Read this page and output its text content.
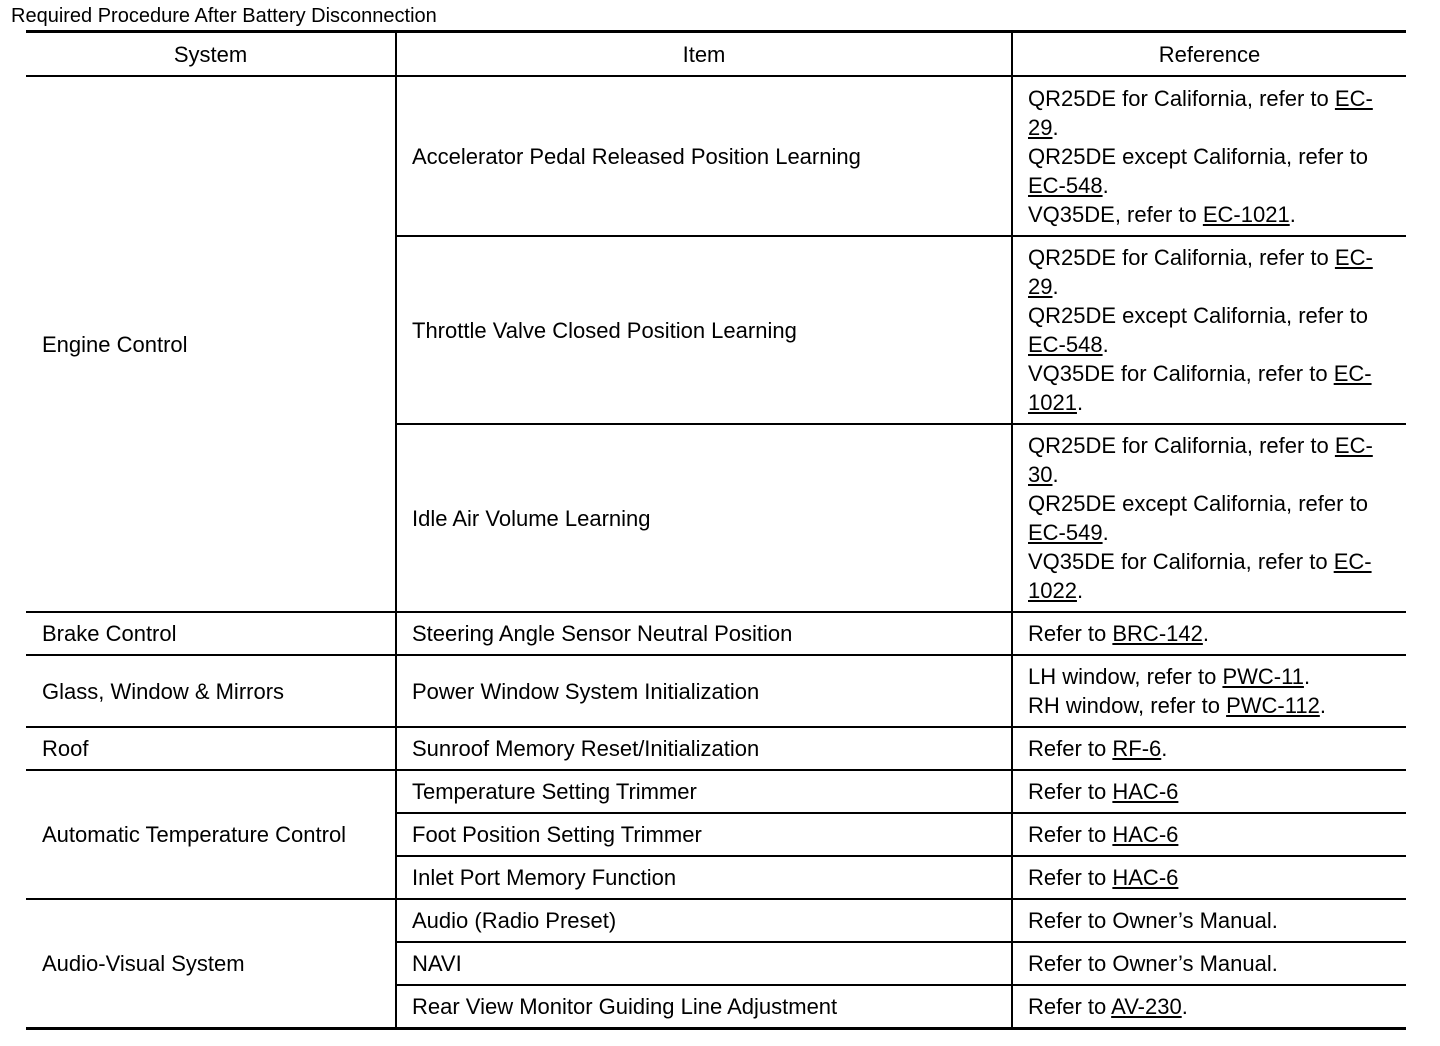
Required Procedure After Battery Disconnection
System	Item	Reference
Engine Control	Accelerator Pedal Released Position Learning	QR25DE for California, refer to EC-29.
QR25DE except California, refer to EC-548.
VQ35DE, refer to EC-1021.

	Throttle Valve Closed Position Learning	QR25DE for California, refer to EC-29.
QR25DE except California, refer to EC-548.
VQ35DE for California, refer to EC-1021.

	Idle Air Volume Learning	QR25DE for California, refer to EC-30.
QR25DE except California, refer to EC-549.
VQ35DE for California, refer to EC-1022.

Brake Control	Steering Angle Sensor Neutral Position	Refer to BRC-142.

Glass, Window & Mirrors	Power Window System Initialization	LH window, refer to PWC-11.
RH window, refer to PWC-112.

Roof	Sunroof Memory Reset/Initialization	Refer to RF-6.

Automatic Temperature Control	Temperature Setting Trimmer	Refer to HAC-6

	Foot Position Setting Trimmer	Refer to HAC-6

	Inlet Port Memory Function	Refer to HAC-6

Audio-Visual System	Audio (Radio Preset)	Refer to Owner’s Manual.

	NAVI	Refer to Owner’s Manual.

	Rear View Monitor Guiding Line Adjustment	Refer to AV-230.
